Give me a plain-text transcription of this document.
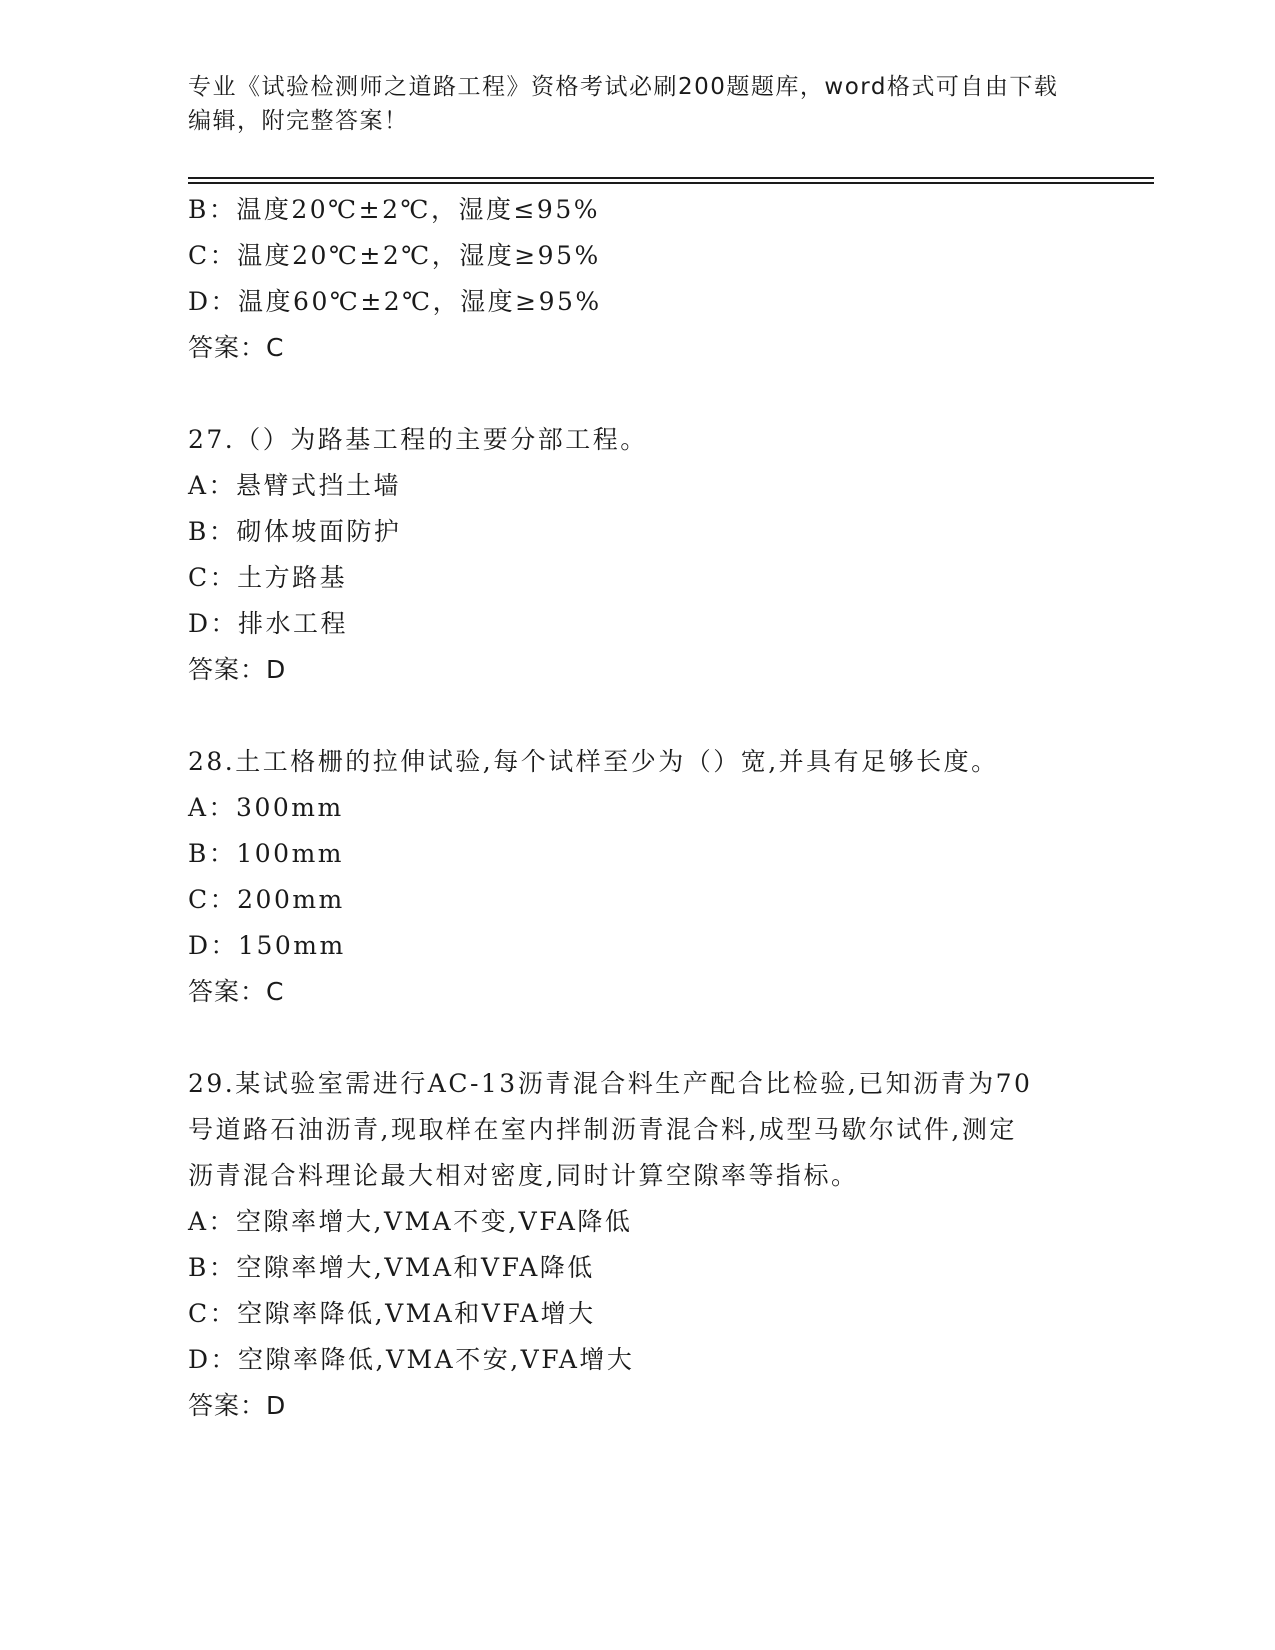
专业《试验检测师之道路工程》资格考试必刷200题题库，word格式可自由下载
编辑，附完整答案！
B：温度20℃±2℃，湿度≤95%
C：温度20℃±2℃，湿度≥95%
D：温度60℃±2℃，湿度≥95%
答案：C
27.（）为路基工程的主要分部工程。
A：悬臂式挡土墙
B：砌体坡面防护
C：土方路基
D：排水工程
答案：D
28.土工格栅的拉伸试验,每个试样至少为（）宽,并具有足够长度。
A：300mm
B：100mm
C：200mm
D：150mm
答案：C
29.某试验室需进行AC-13沥青混合料生产配合比检验,已知沥青为70
号道路石油沥青,现取样在室内拌制沥青混合料,成型马歇尔试件,测定
沥青混合料理论最大相对密度,同时计算空隙率等指标。
A：空隙率增大,VMA不变,VFA降低
B：空隙率增大,VMA和VFA降低
C：空隙率降低,VMA和VFA增大
D：空隙率降低,VMA不安,VFA增大
答案：D
